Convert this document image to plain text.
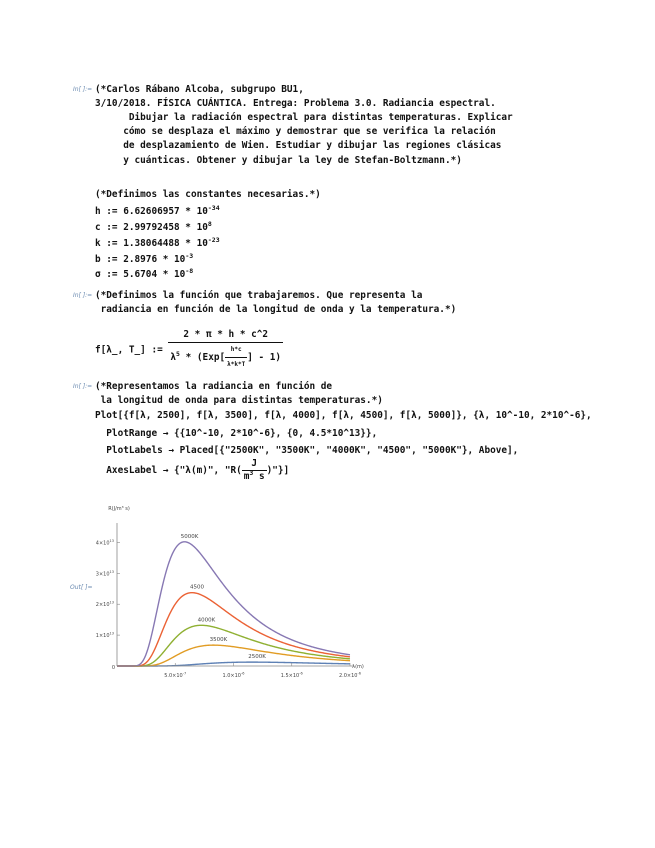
In[ ]:= (*Carlos Rábano Alcoba, subgrupo BU1,
3/10/2018. FÍSICA CUÁNTICA. Entrega: Problema 3.0. Radiancia espectral.
Dibujar la radiación espectral para distintas temperaturas. Explicar
cómo se desplaza el máximo y demostrar que se verifica la relación
de desplazamiento de Wien. Estudiar y dibujar las regiones clásicas
y cuánticas. Obtener y dibujar la ley de Stefan-Boltzmann.*)
(*Definimos las constantes necesarias.*)
h := $6.62606957 * 10^{-34}$
c := $2.99792458 * 10^8$
k := $1.38064488 * 10^{-23}$
b := $2.8976 * 10^{-3}$
σ := $5.6704 * 10^{-8}$
In[ ]:= (*Definimos la función que trabajaremos. Que representa la
radiancia en función de la longitud de onda y la temperatura.*)
f[λ_, T_] := $\frac{2 * \pi * h * c\^{}2}{\lambda^5 * (Exp[ \frac{h*c}{\lambda*k*T} ] - 1)}$
In[ ]:= (*Representamos la radiancia en función de
la longitud de onda para distintas temperaturas.*)
Plot[{f[λ, 2500], f[λ, 3500], f[λ, 4000], f[λ, 4500], f[λ, 5000]}, {λ, 10^-10, 2*10^-6},
PlotRange → {{10^-10, 2*10^-6}, {0, 4.5*10^13}},
PlotLabels → Placed[{"2500K", "3500K", "4000K", "4500", "5000K"}, Above],
AxesLabel → {"λ(m)", "$R( \frac{J}{m^3 s}$ )"}]
Out[ ]=
2500K
3500K
4000K
4500
5000K
$5.0\times 10^{-7}$	$1.0\times 10^{-6}$	$1.5\times 10^{-6}$	$2.0\times 10^{-6}$
$1\times 10^{13}$
$2\times 10^{13}$
$3\times 10^{13}$
$4\times 10^{13}$
0	λ(m)
R(J/m³ s)
